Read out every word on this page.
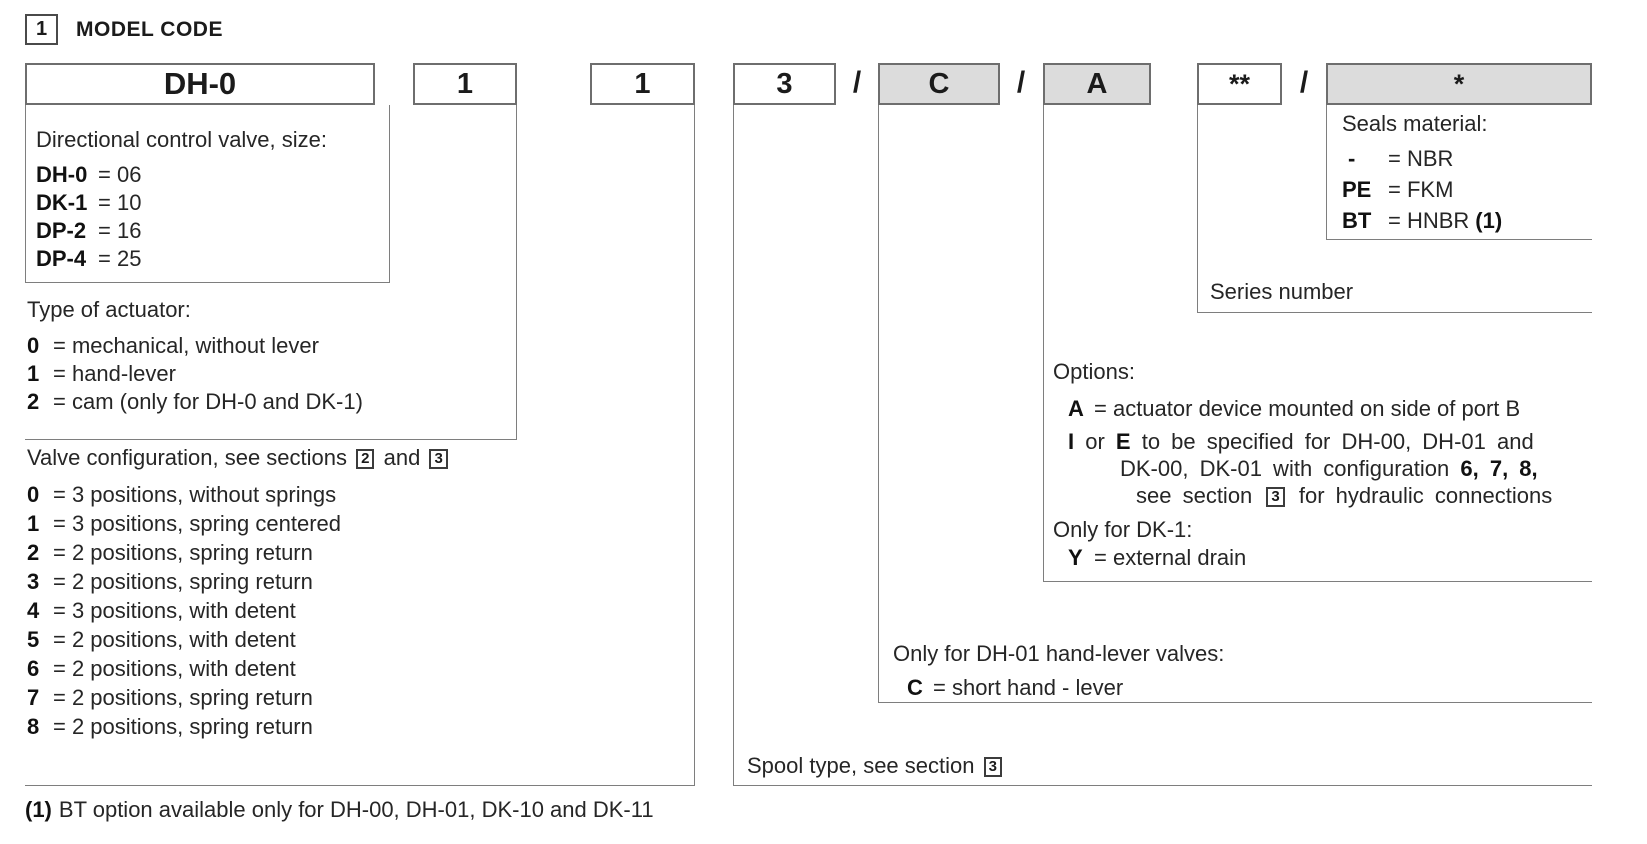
1 MODEL CODE
DH-0	1	1	3	/	C	/	A	**	/	*
Directional control valve, size:
DH-0 = 06
DK-1 = 10
DP-2 = 16
DP-4 = 25
Type of actuator:
0 = mechanical, without lever
1 = hand-lever
2 = cam (only for DH-0 and DK-1)
Valve configuration, see sections 2 and 3
0 = 3 positions, without springs
1 = 3 positions, spring centered
2 = 2 positions, spring return
3 = 2 positions, spring return
4 = 3 positions, with detent
5 = 2 positions, with detent
6 = 2 positions, with detent
7 = 2 positions, spring return
8 = 2 positions, spring return
Spool type, see section 3
Only for DH-01 hand-lever valves:
C = short hand - lever
Options:
A = actuator device mounted on side of port B
I or E to be specified for DH-00, DH-01 and
DK-00, DK-01 with configuration 6, 7, 8,
see section 3 for hydraulic connections
Only for DK-1:
Y = external drain
Series number
Seals material:
- = NBR
PE = FKM
BT = HNBR (1)
(1) BT option available only for DH-00, DH-01, DK-10 and DK-11
